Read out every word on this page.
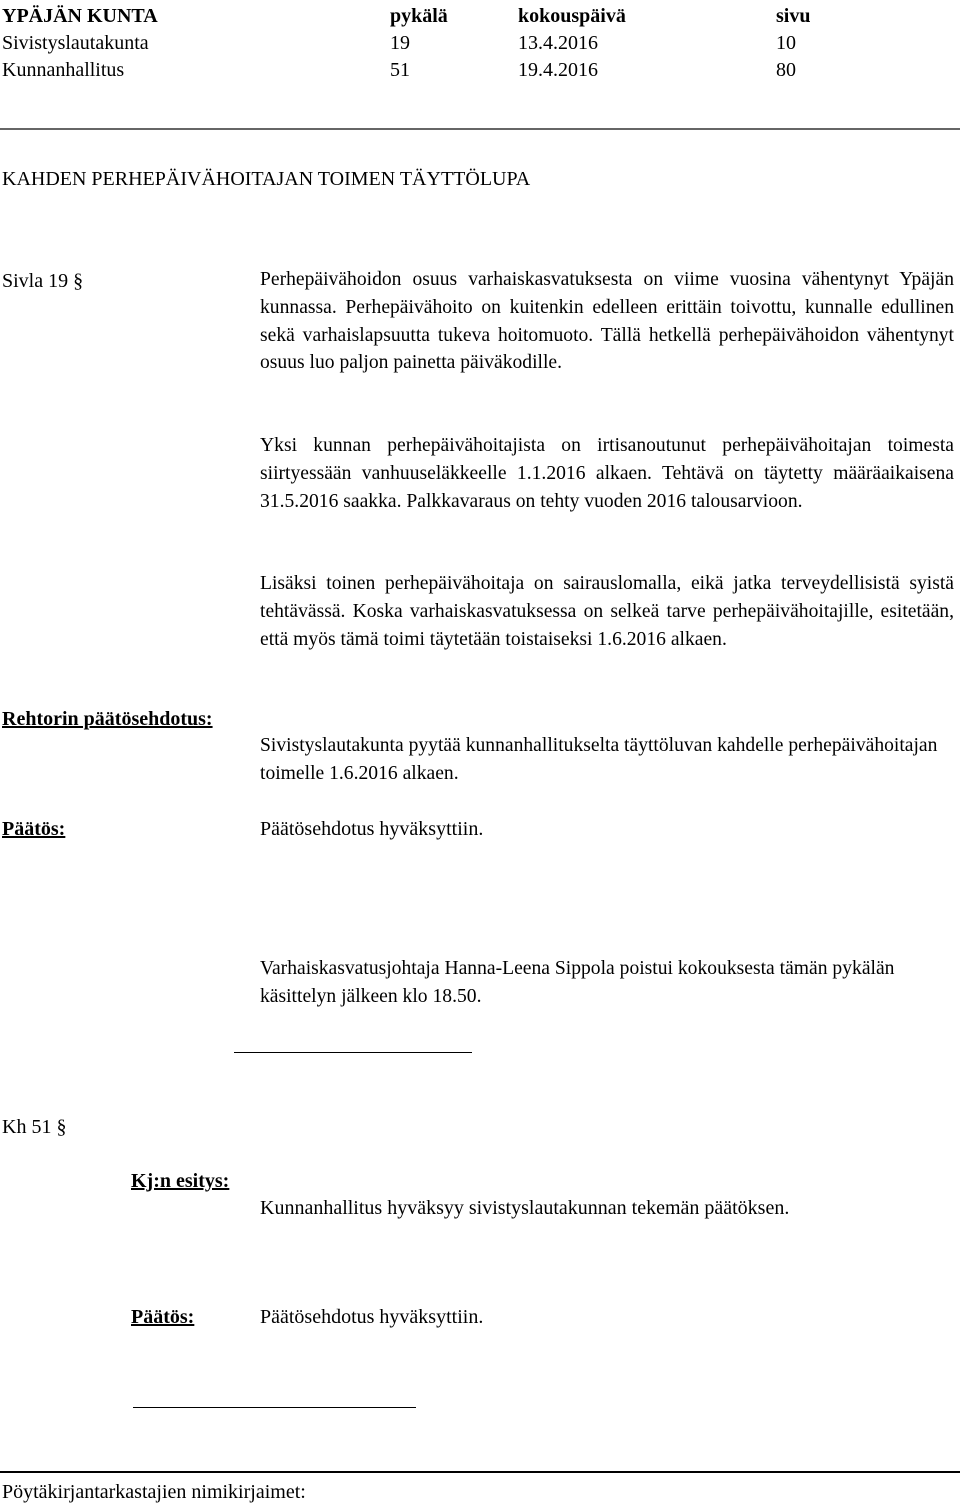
YPÄJÄN KUNTA	pykälä	kokouspäivä	sivu
Sivistyslautakunta	19	13.4.2016	10
Kunnanhallitus	51	19.4.2016	80
KAHDEN PERHEPÄIVÄHOITAJAN TOIMEN TÄYTTÖLUPA
Sivla 19 §	Perhepäivähoidon osuus varhaiskasvatuksesta on viime vuosina vähentynyt Ypäjän kunnassa. Perhepäivähoito on kuitenkin edelleen erittäin toivottu, kunnalle edullinen sekä varhaislapsuutta tukeva hoitomuoto. Tällä hetkellä perhepäivähoidon vähentynyt osuus luo paljon painetta päiväkodille.
Yksi kunnan perhepäivähoitajista on irtisanoutunut perhepäivähoitajan toimesta siirtyessään vanhuuseläkkeelle 1.1.2016 alkaen. Tehtävä on täytetty määräaikaisena 31.5.2016 saakka. Palkkavaraus on tehty vuoden 2016 talousarvioon.
Lisäksi toinen perhepäivähoitaja on sairauslomalla, eikä jatka terveydellisistä syistä tehtävässä. Koska varhaiskasvatuksessa on selkeä tarve perhepäivähoitajille, esitetään, että myös tämä toimi täytetään toistaiseksi 1.6.2016 alkaen.
Rehtorin päätösehdotus:
Sivistyslautakunta pyytää kunnanhallitukselta täyttöluvan kahdelle perhepäivähoitajan toimelle 1.6.2016 alkaen.
Päätös:	Päätösehdotus hyväksyttiin.
Varhaiskasvatusjohtaja Hanna-Leena Sippola poistui kokouksesta tämän pykälän käsittelyn jälkeen klo 18.50.
Kh 51 §
Kj:n esitys:
Kunnanhallitus hyväksyy sivistyslautakunnan tekemän päätöksen.
Päätös:	Päätösehdotus hyväksyttiin.
Pöytäkirjantarkastajien nimikirjaimet:
